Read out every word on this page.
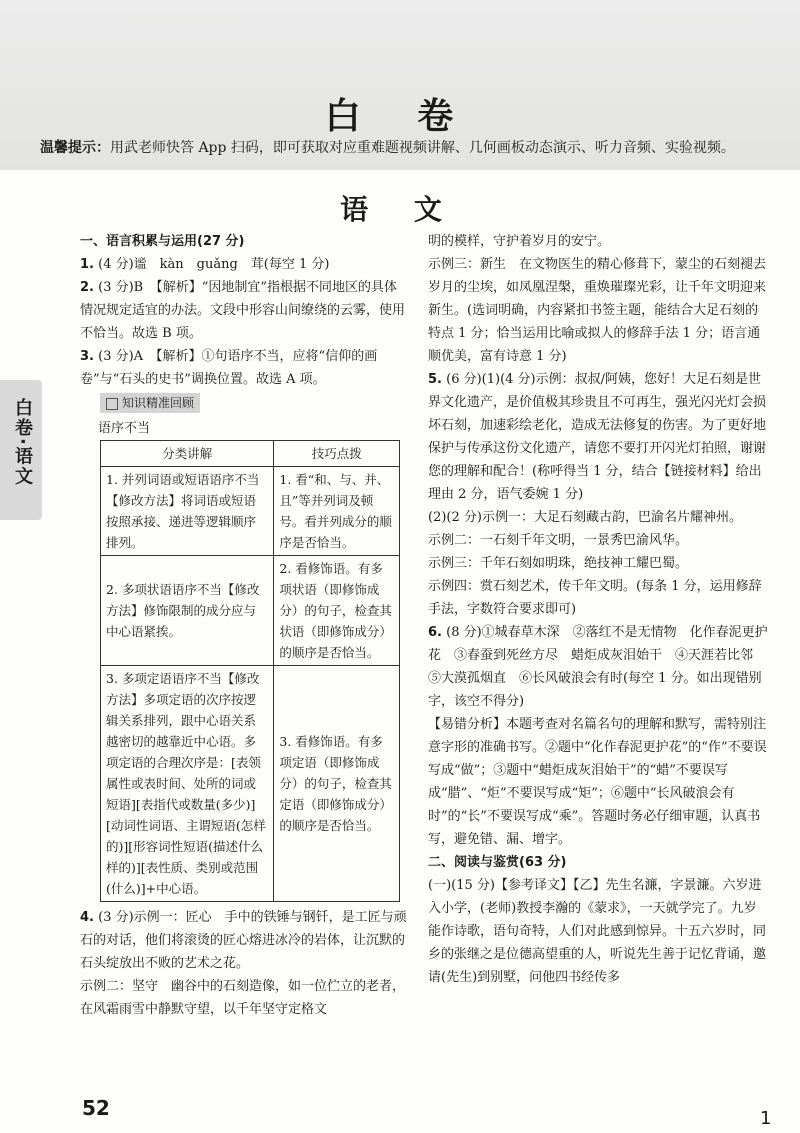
白 卷
温馨提示：用武老师快答 App 扫码，即可获取对应重难题视频讲解、几何画板动态演示、听力音频、实验视频。
语 文
白卷·语文

一、语言积累与运用(27 分)

1. (4 分)谧　kàn　guǎng　茸(每空 1 分)

2. (3 分)B　【解析】“因地制宜”指根据不同地区的具体情况规定适宜的办法。文段中形容山间缭绕的云雾，使用不恰当。故选 B 项。

3. (3 分)A　【解析】①句语序不当，应将“信仰的画卷”与“石头的史书”调换位置。故选 A 项。

知识精准回顾

语序不当

分类讲解	技巧点拨
1. 并列词语或短语语序不当【修改方法】将词语或短语按照承接、递进等逻辑顺序排列。	1. 看“和、与、并、且”等并列词及顿号。看并列成分的顺序是否恰当。
2. 多项状语语序不当【修改方法】修饰限制的成分应与中心语紧挨。	2. 看修饰语。有多项状语（即修饰成分）的句子，检查其状语（即修饰成分）的顺序是否恰当。
3. 多项定语语序不当【修改方法】多项定语的次序按逻辑关系排列，跟中心语关系越密切的越靠近中心语。多项定语的合理次序是：[表领属性或表时间、处所的词或短语][表指代或数量(多少)][动词性词语、主谓短语(怎样的)][形容词性短语(描述什么样的)][表性质、类别或范围(什么)]+中心语。	3. 看修饰语。有多项定语（即修饰成分）的句子，检查其定语（即修饰成分）的顺序是否恰当。

4. (3 分)示例一：匠心　手中的铁锤与钢钎，是工匠与顽石的对话，他们将滚烫的匠心熔进冰冷的岩体，让沉默的石头绽放出不败的艺术之花。

示例二：坚守　幽谷中的石刻造像，如一位伫立的老者，在风霜雨雪中静默守望，以千年坚守定格文

明的模样，守护着岁月的安宁。

示例三：新生　在文物医生的精心修葺下，蒙尘的石刻褪去岁月的尘埃，如凤凰涅槃，重焕璀璨光彩，让千年文明迎来新生。(选词明确，内容紧扣书签主题，能结合大足石刻的特点 1 分；恰当运用比喻或拟人的修辞手法 1 分；语言通顺优美，富有诗意 1 分)

5. (6 分)(1)(4 分)示例：叔叔/阿姨，您好！大足石刻是世界文化遗产，是价值极其珍贵且不可再生，强光闪光灯会损坏石刻，加速彩绘老化，造成无法修复的伤害。为了更好地保护与传承这份文化遗产，请您不要打开闪光灯拍照，谢谢您的理解和配合！(称呼得当 1 分，结合【链接材料】给出理由 2 分，语气委婉 1 分)

(2)(2 分)示例一：大足石刻藏古韵，巴渝名片耀神州。

示例二：一石刻千年文明，一景秀巴渝风华。

示例三：千年石刻如明珠，绝技神工耀巴蜀。

示例四：赏石刻艺术，传千年文明。(每条 1 分，运用修辞手法，字数符合要求即可)

6. (8 分)①城春草木深　②落红不是无情物　化作春泥更护花　③春蚕到死丝方尽　蜡炬成灰泪始干　④天涯若比邻　⑤大漠孤烟直　⑥长风破浪会有时(每空 1 分。如出现错别字，该空不得分)

【易错分析】本题考查对名篇名句的理解和默写，需特别注意字形的准确书写。②题中“化作春泥更护花”的“作”不要误写成“做”；③题中“蜡炬成灰泪始干”的“蜡”不要误写成“腊”、“炬”不要误写成“矩”；⑥题中“长风破浪会有时”的“长”不要误写成“乘”。答题时务必仔细审题，认真书写，避免错、漏、增字。

二、阅读与鉴赏(63 分)

(一)(15 分)【参考译文】【乙】先生名濂，字景濂。六岁进入小学，(老师)教授李瀚的《蒙求》，一天就学完了。九岁能作诗歌，语句奇特，人们对此感到惊异。十五六岁时，同乡的张继之是位德高望重的人，听说先生善于记忆背诵，邀请(先生)到别墅，问他四书经传多

52	1
